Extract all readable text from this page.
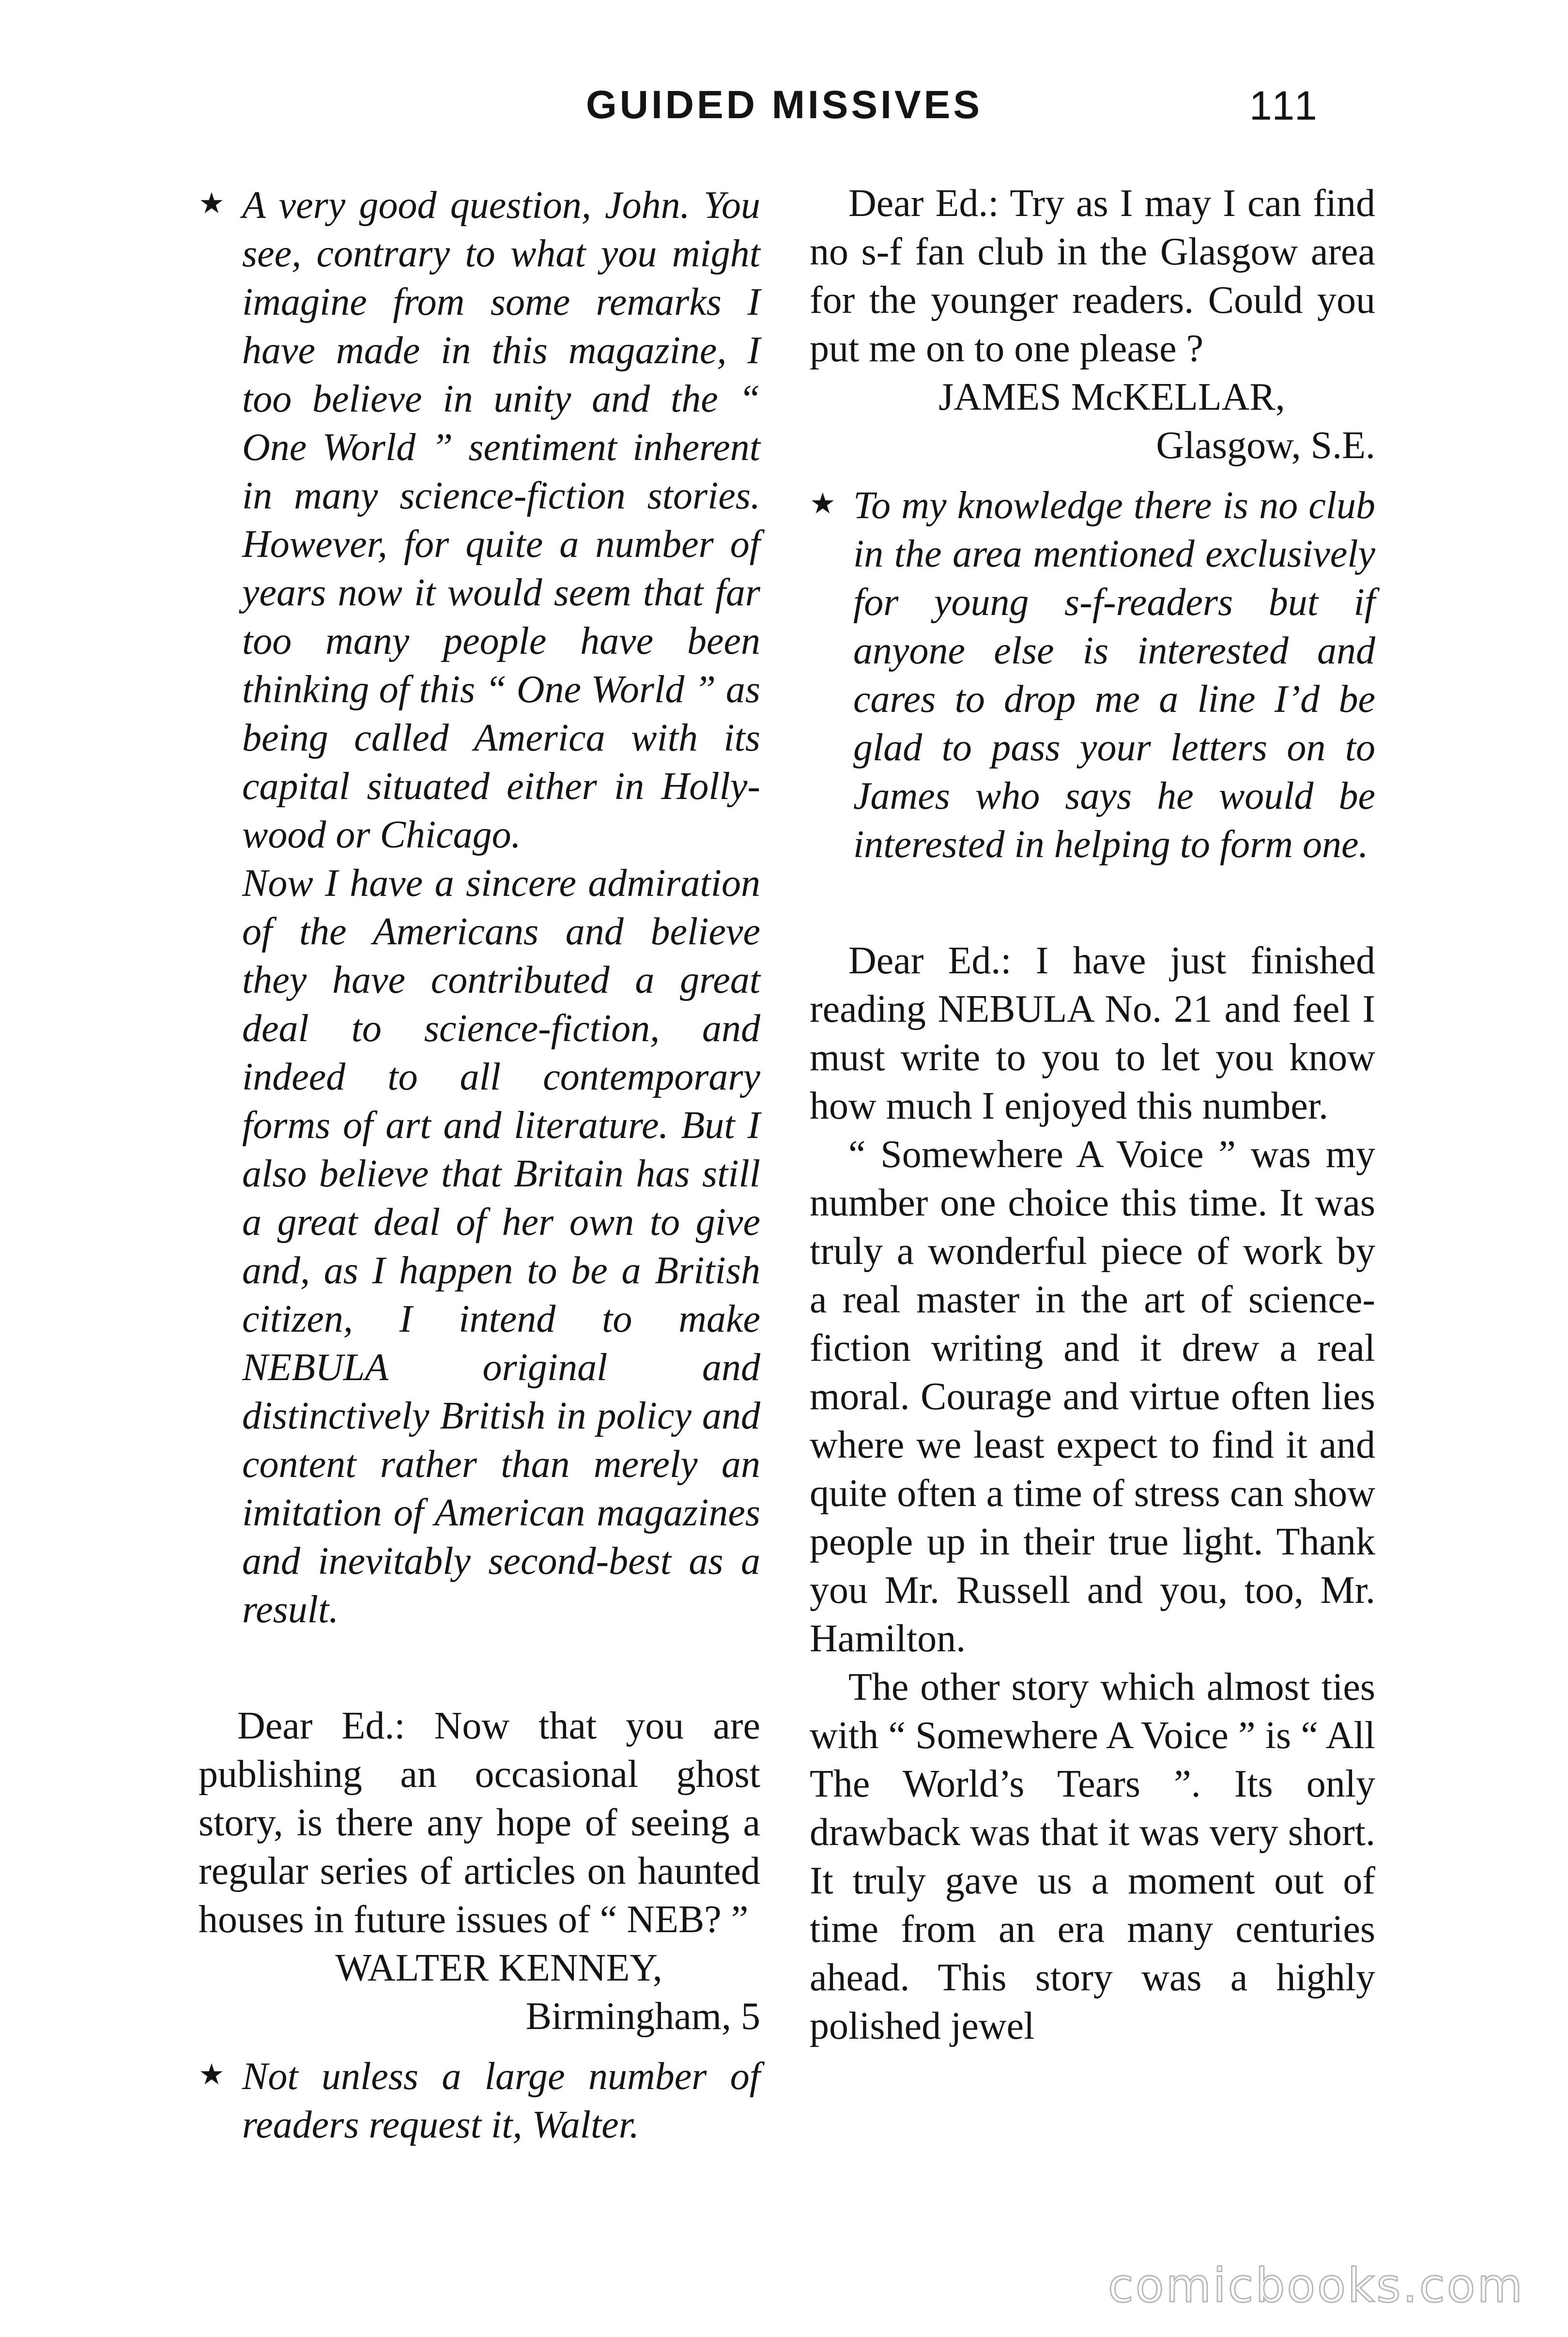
GUIDED MISSIVES	111

★ A very good question, John. You see, contrary to what you might imagine from some remarks I have made in this magazine, I too believe in unity and the “ One World ” sentiment inherent in many science-fiction stories. However, for quite a number of years now it would seem that far too many people have been thinking of this “ One World ” as being called America with its capital situated either in Hollywood or Chicago.

Now I have a sincere admiration of the Americans and believe they have contributed a great deal to science-fiction, and indeed to all contemporary forms of art and literature. But I also believe that Britain has still a great deal of her own to give and, as I happen to be a British citizen, I intend to make NEBULA original and distinctively British in policy and content rather than merely an imitation of American magazines and inevitably second-best as a result.

Dear Ed.: Now that you are publishing an occasional ghost story, is there any hope of seeing a regular series of articles on haunted houses in future issues of “ NEB? ”

WALTER KENNEY,

Birmingham, 5

★ Not unless a large number of readers request it, Walter.

Dear Ed.: Try as I may I can find no s-f fan club in the Glasgow area for the younger readers. Could you put me on to one please ?

JAMES McKELLAR,

Glasgow, S.E.

★ To my knowledge there is no club in the area mentioned exclusively for young s-f-readers but if anyone else is interested and cares to drop me a line I’d be glad to pass your letters on to James who says he would be interested in helping to form one.

Dear Ed.: I have just finished reading NEBULA No. 21 and feel I must write to you to let you know how much I enjoyed this number.

“ Somewhere A Voice ” was my number one choice this time. It was truly a wonderful piece of work by a real master in the art of science-fiction writing and it drew a real moral. Courage and virtue often lies where we least expect to find it and quite often a time of stress can show people up in their true light. Thank you Mr. Russell and you, too, Mr. Hamilton.

The other story which almost ties with “ Somewhere A Voice ” is “ All The World’s Tears ”. Its only drawback was that it was very short. It truly gave us a moment out of time from an era many centuries ahead. This story was a highly polished jewel

comicbooks.com
